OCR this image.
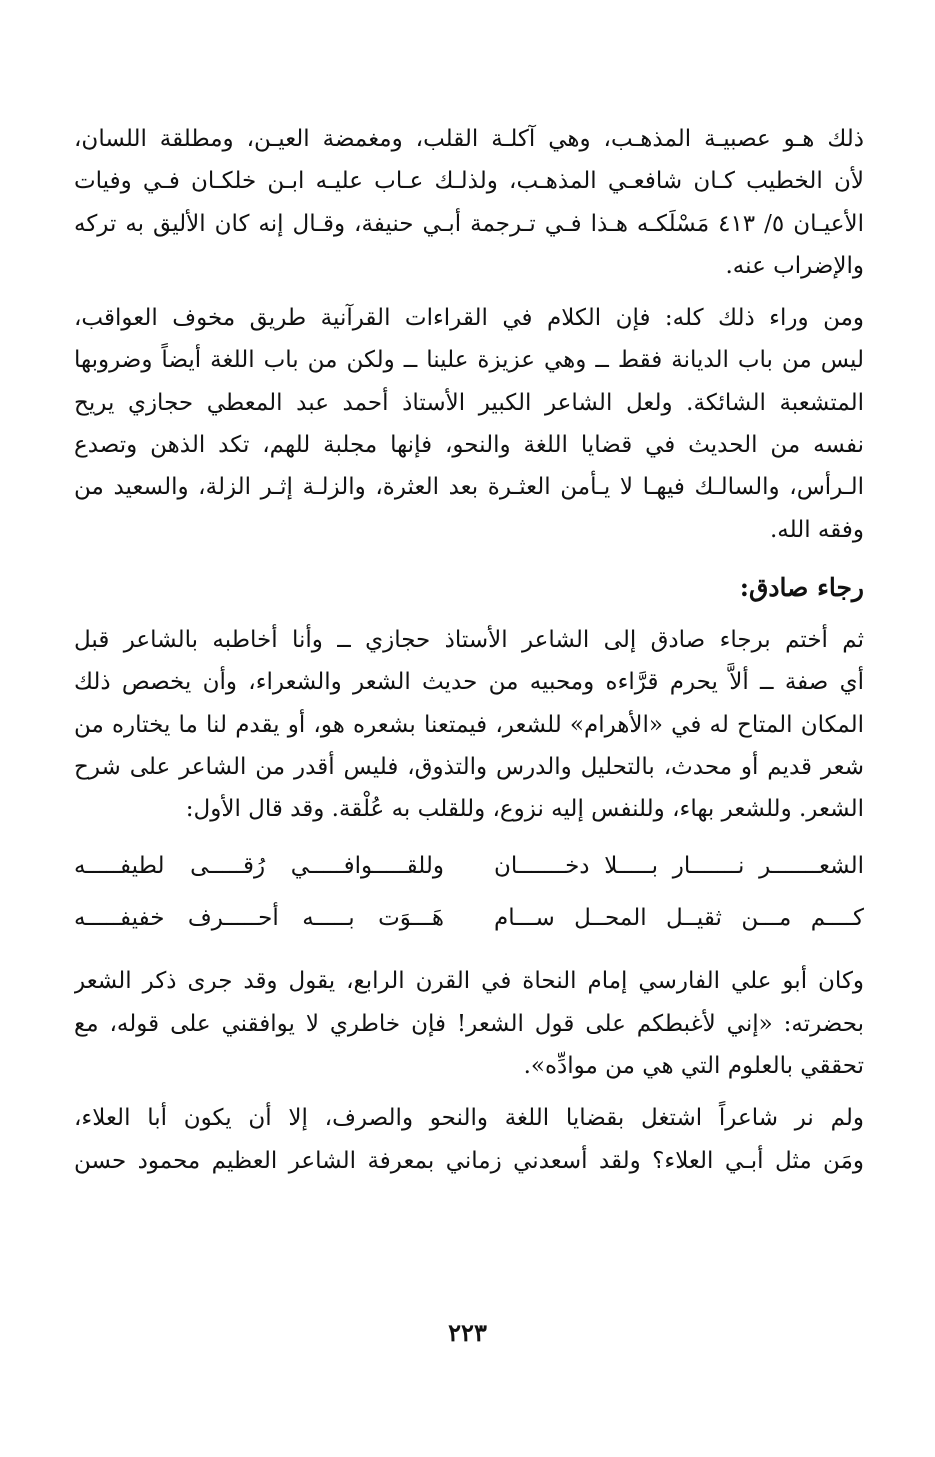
ذلك هـو عصبيـة المذهـب، وهي آكلـة القلب، ومغمضة العيـن، ومطلقة اللسان،
لأن الخطيب كـان شافعـي المذهـب، ولذلـك عـاب عليـه ابـن خلكـان فـي وفيات
الأعيـان ٥/ ٤١٣ مَسْلَكـه هـذا فـي تـرجمة أبـي حنيفة، وقـال إنه كان الأليق به تركه
والإضراب عنه.

ومن وراء ذلك كله: فإن الكلام في القراءات القرآنية طريق مخوف العواقب،
ليس من باب الديانة فقط ــ وهي عزيزة علينا ــ ولكن من باب اللغة أيضاً وضروبها
المتشعبة الشائكة. ولعل الشاعر الكبير الأستاذ أحمد عبد المعطي حجازي يريح
نفسه من الحديث في قضايا اللغة والنحو، فإنها مجلبة للهم، تكد الذهن وتصدع
الـرأس، والسالـك فيهـا لا يـأمن العثـرة بعد العثرة، والزلـة إثـر الزلة، والسعيد من
وفقه الله.

رجاء صادق:

ثم أختم برجاء صادق إلى الشاعر الأستاذ حجازي ــ وأنا أخاطبه بالشاعر قبل
أي صفة ــ ألاَّ يحرم قرَّاءه ومحبيه من حديث الشعر والشعراء، وأن يخصص ذلك
المكان المتاح له في «الأهرام» للشعر، فيمتعنا بشعره هو، أو يقدم لنا ما يختاره من
شعر قديم أو محدث، بالتحليل والدرس والتذوق، فليس أقدر من الشاعر على شرح
الشعر. وللشعر بهاء، وللنفس إليه نزوع، وللقلب به عُلْقة. وقد قال الأول:

الشعـــــــر نـــــــار بـــــلا دخـــــــان
وللقـــــوافـــــي رُقـــــى لطيفـــــه
كــــم مـــن ثقيــل المحــل ســـام
هَـــوَت بـــــه أحـــــرف خفيفـــــه

وكان أبو علي الفارسي إمام النحاة في القرن الرابع، يقول وقد جرى ذكر الشعر
بحضرته: «إني لأغبطكم على قول الشعر! فإن خاطري لا يوافقني على قوله، مع
تحققي بالعلوم التي هي من موادِّه».

ولم نر شاعراً اشتغل بقضايا اللغة والنحو والصرف، إلا أن يكون أبا العلاء،
ومَن مثل أبـي العلاء؟ ولقد أسعدني زماني بمعرفة الشاعر العظيم محمود حسن

٢٢٣
